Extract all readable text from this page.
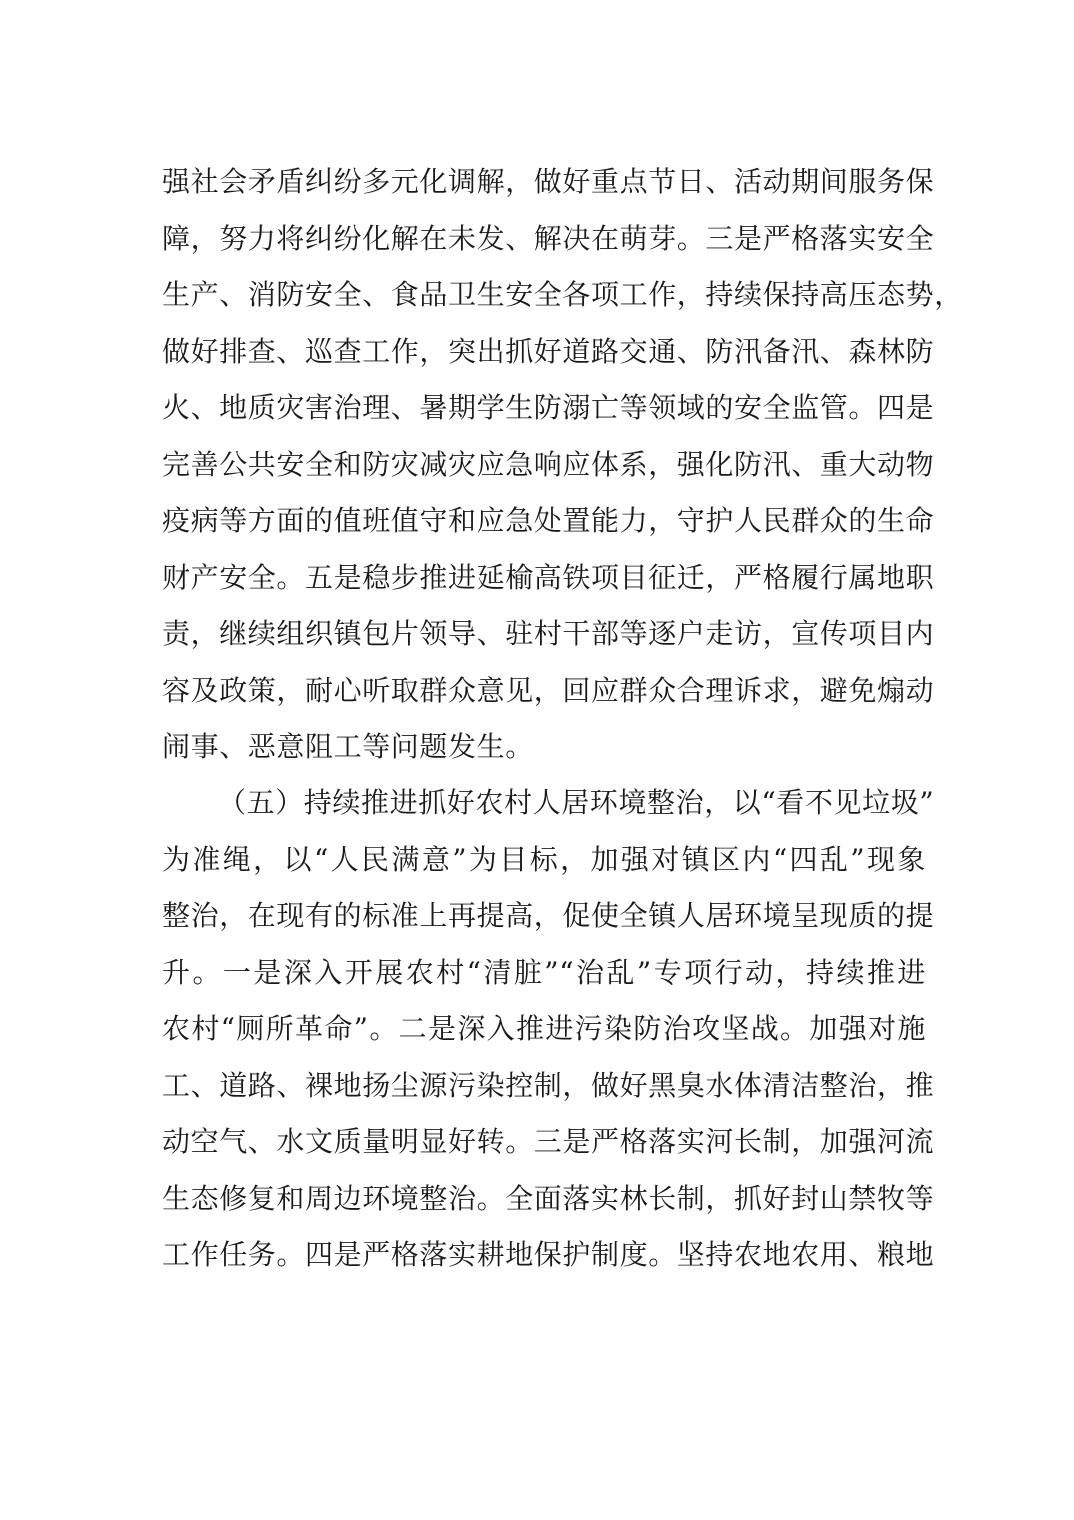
强社会矛盾纠纷多元化调解，做好重点节日、活动期间服务保
障，努力将纠纷化解在未发、解决在萌芽。三是严格落实安全
生产、消防安全、食品卫生安全各项工作，持续保持高压态势，
做好排查、巡查工作，突出抓好道路交通、防汛备汛、森林防
火、地质灾害治理、暑期学生防溺亡等领域的安全监管。四是
完善公共安全和防灾减灾应急响应体系，强化防汛、重大动物
疫病等方面的值班值守和应急处置能力，守护人民群众的生命
财产安全。五是稳步推进延榆高铁项目征迁，严格履行属地职
责，继续组织镇包片领导、驻村干部等逐户走访，宣传项目内
容及政策，耐心听取群众意见，回应群众合理诉求，避免煽动
闹事、恶意阻工等问题发生。
（五）持续推进抓好农村人居环境整治，以“看不见垃圾”
为准绳，以“人民满意”为目标，加强对镇区内“四乱”现象
整治，在现有的标准上再提高，促使全镇人居环境呈现质的提
升。一是深入开展农村“清脏”“治乱”专项行动，持续推进
农村“厕所革命”。二是深入推进污染防治攻坚战。加强对施
工、道路、裸地扬尘源污染控制，做好黑臭水体清洁整治，推
动空气、水文质量明显好转。三是严格落实河长制，加强河流
生态修复和周边环境整治。全面落实林长制，抓好封山禁牧等
工作任务。四是严格落实耕地保护制度。坚持农地农用、粮地
